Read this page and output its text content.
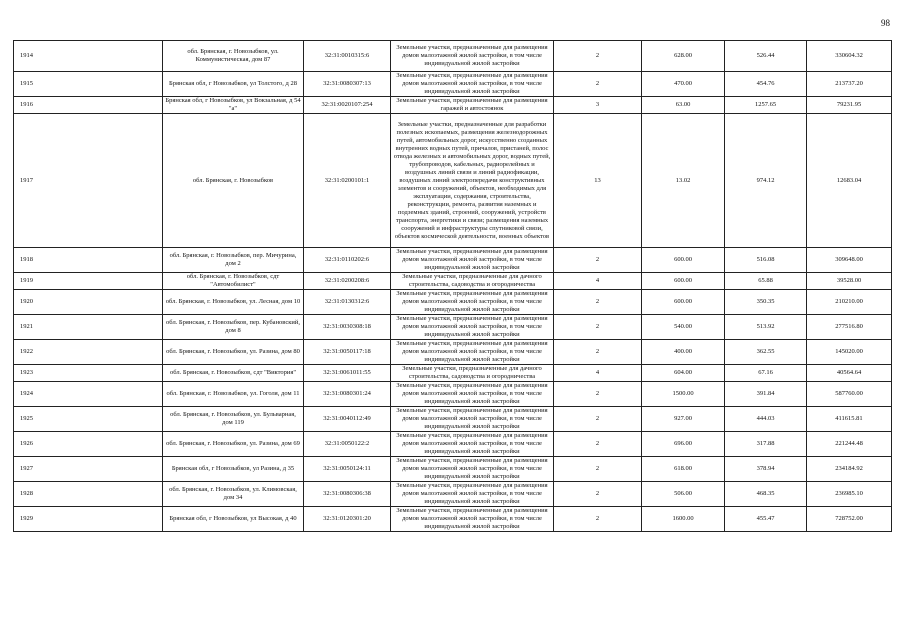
98
1914	обл. Брянская, г. Новозыбков, ул. Коммунистическая, дом 87	32:31:0010315:6	Земельные участки, предназначенные для размещения домов малоэтажной жилой застройки, в том числе индивидуальной жилой застройки	2	628.00	526.44	330604.32
1915	Брянская обл, г Новозыбков, ул Толстого, д 28	32:31:0080307:13	Земельные участки, предназначенные для размещения домов малоэтажной жилой застройки, в том числе индивидуальной жилой застройки	2	470.00	454.76	213737.20
1916	Брянская обл, г Новозыбков, ул Вокзальная, д 54 "а"	32:31:0020107:254	Земельные участки, предназначенные для размещения гаражей и автостоянок	3	63.00	1257.65	79231.95
1917	обл. Брянская, г. Новозыбков	32:31:0200101:1	Земельные участки, предназначенные для разработки полезных ископаемых, размещения железнодорожных путей, автомобильных дорог, искусственно созданных внутренних водных путей, причалов, пристаней, полос отвода железных и автомобильных дорог, водных путей, трубопроводов, кабельных, радиорелейных и воздушных линий связи и линий радиофикации, воздушных линий электропередачи конструктивных элементов и сооружений, объектов, необходимых для эксплуатации, содержания, строительства, реконструкции, ремонта, развития наземных и подземных зданий, строений, сооружений, устройств транспорта, энергетики и связи; размещения наземных сооружений и инфраструктуры спутниковой связи, объектов космической деятельности, военных объектов	13	13.02	974.12	12683.04
1918	обл. Брянская, г. Новозыбков, пер. Мичурина, дом 2	32:31:0110202:6	Земельные участки, предназначенные для размещения домов малоэтажной жилой застройки, в том числе индивидуальной жилой застройки	2	600.00	516.08	309648.00
1919	обл. Брянская, г. Новозыбков, сдт "Автомобилист"	32:31:0200208:6	Земельные участки, предназначенные для дачного строительства, садоводства и огородничества	4	600.00	65.88	39528.00
1920	обл. Брянская, г. Новозыбков, ул. Лесная, дом 10	32:31:0130312:6	Земельные участки, предназначенные для размещения домов малоэтажной жилой застройки, в том числе индивидуальной жилой застройки	2	600.00	350.35	210210.00
1921	обл. Брянская, г. Новозыбков, пер. Кубановский, дом 8	32:31:0030308:18	Земельные участки, предназначенные для размещения домов малоэтажной жилой застройки, в том числе индивидуальной жилой застройки	2	540.00	513.92	277516.80
1922	обл. Брянская, г. Новозыбков, ул. Разина, дом 80	32:31:0050117:18	Земельные участки, предназначенные для размещения домов малоэтажной жилой застройки, в том числе индивидуальной жилой застройки	2	400.00	362.55	145020.00
1923	обл. Брянская, г. Новозыбков, сдт "Виктория"	32:31:0061011:55	Земельные участки, предназначенные для дачного строительства, садоводства и огородничества	4	604.00	67.16	40564.64
1924	обл. Брянская, г. Новозыбков, ул. Гоголя, дом 11	32:31:0080301:24	Земельные участки, предназначенные для размещения домов малоэтажной жилой застройки, в том числе индивидуальной жилой застройки	2	1500.00	391.84	587760.00
1925	обл. Брянская, г. Новозыбков, ул. Бульварная, дом 119	32:31:0040112:49	Земельные участки, предназначенные для размещения домов малоэтажной жилой застройки, в том числе индивидуальной жилой застройки	2	927.00	444.03	411615.81
1926	обл. Брянская, г. Новозыбков, ул. Разина, дом 69	32:31:0050122:2	Земельные участки, предназначенные для размещения домов малоэтажной жилой застройки, в том числе индивидуальной жилой застройки	2	696.00	317.88	221244.48
1927	Брянская обл, г Новозыбков, ул Разина, д 35	32:31:0050124:11	Земельные участки, предназначенные для размещения домов малоэтажной жилой застройки, в том числе индивидуальной жилой застройки	2	618.00	378.94	234184.92
1928	обл. Брянская, г. Новозыбков, ул. Климовская, дом 34	32:31:0080306:38	Земельные участки, предназначенные для размещения домов малоэтажной жилой застройки, в том числе индивидуальной жилой застройки	2	506.00	468.35	236985.10
1929	Брянская обл, г Новозыбков, ул Высокая, д 40	32:31:0120301:20	Земельные участки, предназначенные для размещения домов малоэтажной жилой застройки, в том числе индивидуальной жилой застройки	2	1600.00	455.47	728752.00
